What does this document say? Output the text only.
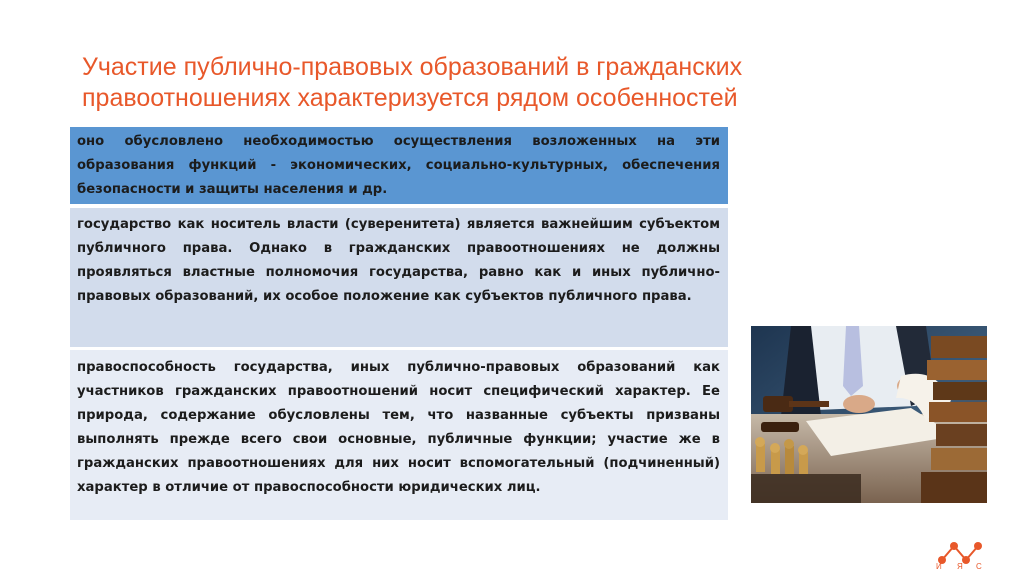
Участие публично-правовых образований в гражданских правоотношениях характеризуется рядом особенностей
оно обусловлено необходимостью осуществления возложенных на эти образования функций - экономических, социально-культурных, обеспечения безопасности и защиты населения и др.
государство как носитель власти (суверенитета) является важнейшим субъектом публичного права. Однако в гражданских правоотношениях не должны проявляться властные полномочия государства, равно как и иных публично-правовых образований, их особое положение как субъектов публичного права.
правоспособность государства, иных публично-правовых образований как участников гражданских правоотношений носит специфический характер. Ее природа, содержание обусловлены тем, что названные субъекты призваны выполнять прежде всего свои основные, публичные функции; участие же в гражданских правоотношениях для них носит вспомогательный (подчиненный) характер в отличие от правоспособности юридических лиц.
И Я С
